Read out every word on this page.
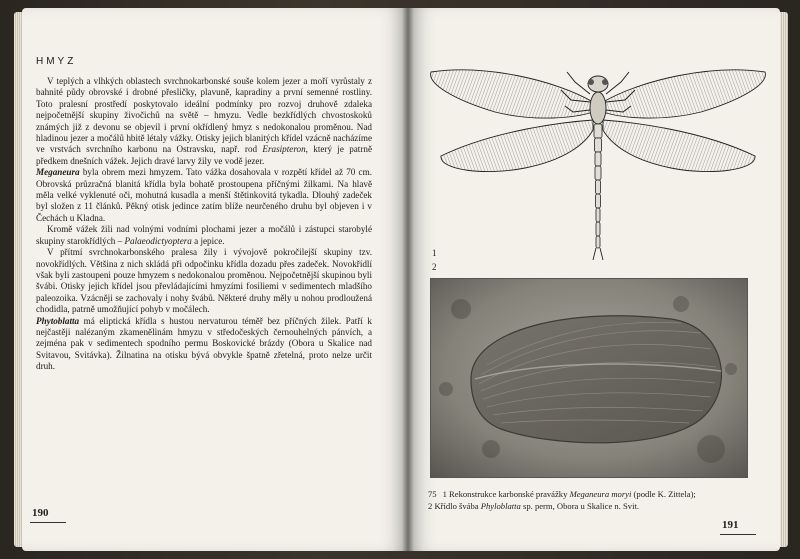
HMYZ

V teplých a vlhkých oblastech svrchnokarbonské souše kolem jezer a moří vyrůstaly z bahnité půdy obrovské i drobné přesličky, plavuně, kapradiny a první semenné rostliny. Toto pralesní prostředí poskytovalo ideální podmínky pro rozvoj druhově zdaleka nejpočetnější skupiny živočichů na světě – hmyzu. Vedle bezkřídlých chvostoskoků známých již z devonu se objevil i první okřídlený hmyz s nedokonalou proměnou. Nad hladinou jezer a močálů hbitě létaly vážky. Otisky jejich blanitých křídel vzácně nacházíme ve vrstvách svrchního karbonu na Ostravsku, např. rod Erasipteron, který je patrně předkem dnešních vážek. Jejich dravé larvy žily ve vodě jezer.

Meganeura byla obrem mezi hmyzem. Tato vážka dosahovala v rozpětí křídel až 70 cm. Obrovská průzračná blanitá křídla byla bohatě prostoupena příčnými žilkami. Na hlavě měla velké vyklenuté oči, mohutná kusadla a menší štětinkovitá tykadla. Dlouhý zadeček byl složen z 11 článků. Pěkný otisk jedince zatím blíže neurčeného druhu byl objeven i v Čechách u Kladna.

Kromě vážek žili nad volnými vodními plochami jezer a močálů i zástupci starobylé skupiny starokřídlých – Palaeodictyoptera a jepice.

V přítmí svrchnokarbonského pralesa žily i vývojově pokročilejší skupiny tzv. novokřídlých. Většina z nich skládá při odpočinku křídla dozadu přes zadeček. Novokřídlí však byli zastoupeni pouze hmyzem s nedokonalou proměnou. Nejpočetnější skupinou byli švábi. Otisky jejich křídel jsou převládajícími hmyzími fosiliemi v sedimentech mladšího paleozoika. Vzácněji se zachovaly i nohy švábů. Některé druhy měly u nohou prodloužená chodidla, patrně umožňující pohyb v močálech.

Phytoblatta má eliptická křídla s hustou nervaturou téměř bez příčných žilek. Patří k nejčastěji nalézaným zkamenělinám hmyzu v středočeských černouhelných pánvích, a zejména pak v sedimentech spodního permu Boskovické brázdy (Obora u Skalice nad Svitavou, Svitávka). Žilnatina na otisku bývá obvykle špatně zřetelná, proto nelze určit druh.

190
1
2
75 1 Rekonstrukce karbonské pravážky Meganeura moryi (podle K. Zittela);
2 Křídlo švába Phyloblatta sp. perm, Obora u Skalice n. Svit.
191
